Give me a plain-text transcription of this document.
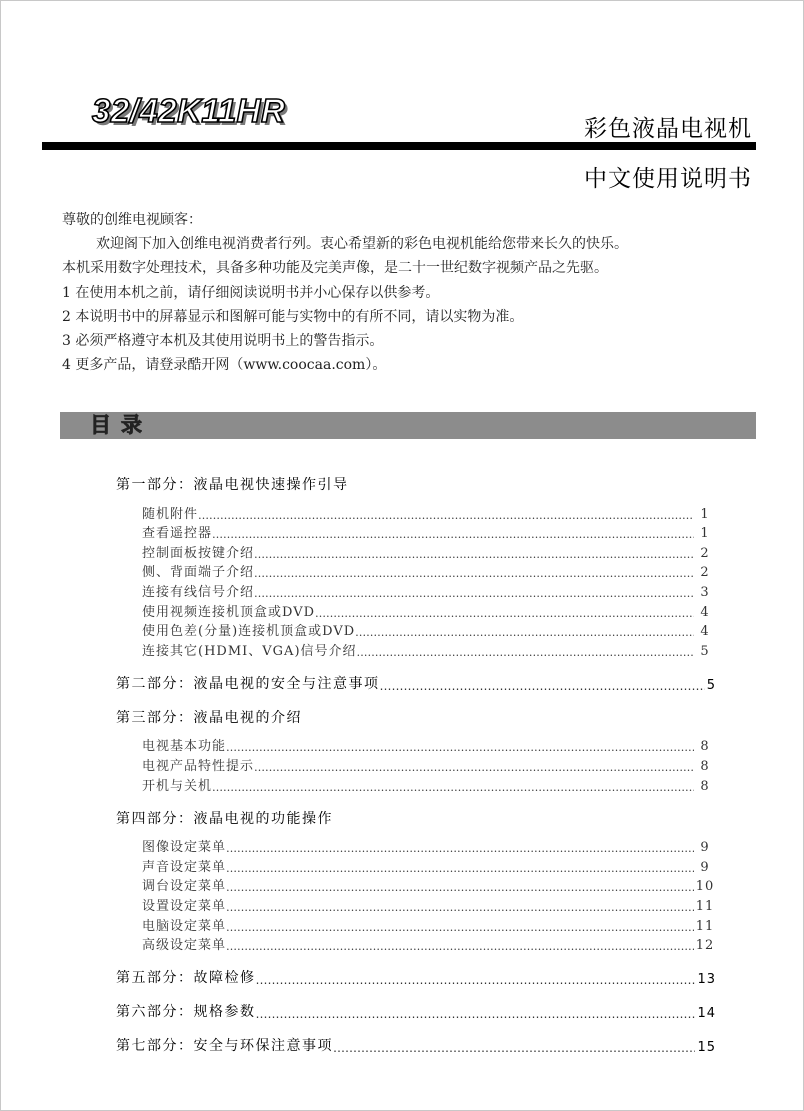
32/42K11HR	彩色液晶电视机
中文使用说明书

尊敬的创维电视顾客：

欢迎阁下加入创维电视消费者行列。衷心希望新的彩色电视机能给您带来长久的快乐。

本机采用数字处理技术，具备多种功能及完美声像，是二十一世纪数字视频产品之先驱。

1 在使用本机之前，请仔细阅读说明书并小心保存以供参考。

2 本说明书中的屏幕显示和图解可能与实物中的有所不同，请以实物为准。

3 必须严格遵守本机及其使用说明书上的警告指示。

4 更多产品，请登录酷开网（www.coocaa.com）。

目录
第一部分：液晶电视快速操作引导
随机附件 ………………………………………………………………………………………………………………………………………………………………………………	1
查看遥控器 ………………………………………………………………………………………………………………………………………………………………………………	1
控制面板按键介绍 ………………………………………………………………………………………………………………………………………………………………………………	2
侧、背面端子介绍 ………………………………………………………………………………………………………………………………………………………………………………	2
连接有线信号介绍 ………………………………………………………………………………………………………………………………………………………………………………	3
使用视频连接机顶盒或DVD ………………………………………………………………………………………………………………………………………………………………………………	4
使用色差(分量)连接机顶盒或DVD ………………………………………………………………………………………………………………………………………………………………………………	4
连接其它(HDMI、VGA)信号介绍 ………………………………………………………………………………………………………………………………………………………………………………	5
第二部分：液晶电视的安全与注意事项 ……………………………………………………………………………………………………………………………………………………………………	5
第三部分：液晶电视的介绍
电视基本功能 ………………………………………………………………………………………………………………………………………………………………………………	8
电视产品特性提示 ………………………………………………………………………………………………………………………………………………………………………………	8
开机与关机 ………………………………………………………………………………………………………………………………………………………………………………	8
第四部分：液晶电视的功能操作
图像设定菜单 ………………………………………………………………………………………………………………………………………………………………………………	9
声音设定菜单 ………………………………………………………………………………………………………………………………………………………………………………	9
调台设定菜单 ………………………………………………………………………………………………………………………………………………………………………………	10
设置设定菜单 ………………………………………………………………………………………………………………………………………………………………………………	11
电脑设定菜单 ………………………………………………………………………………………………………………………………………………………………………………	11
高级设定菜单 ………………………………………………………………………………………………………………………………………………………………………………	12
第五部分：故障检修 ……………………………………………………………………………………………………………………………………………………………………	13
第六部分：规格参数 ……………………………………………………………………………………………………………………………………………………………………	14
第七部分：安全与环保注意事项 ……………………………………………………………………………………………………………………………………………………………………	15
